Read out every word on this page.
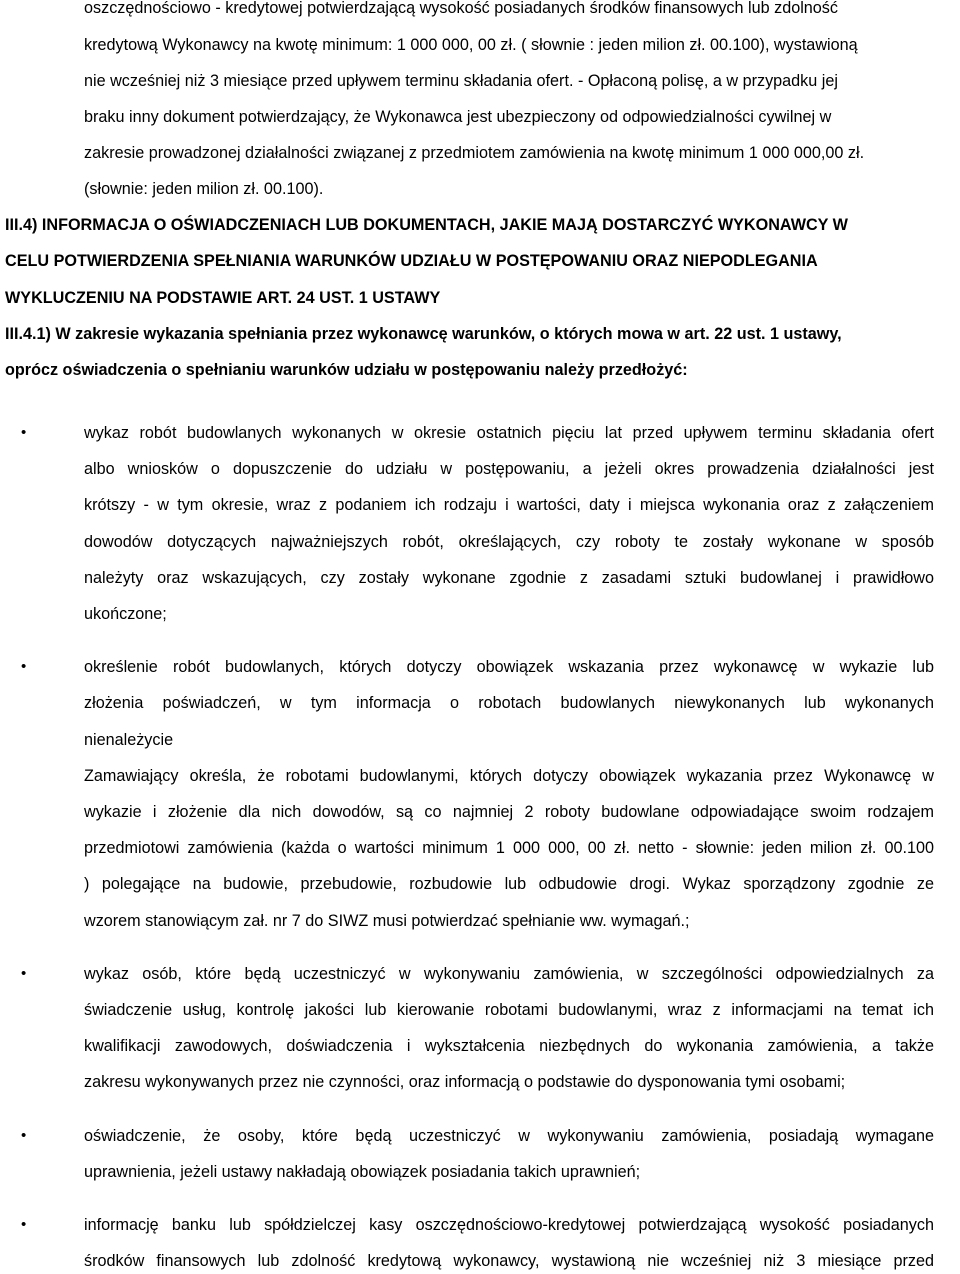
oszczędnościowo - kredytowej potwierdzającą wysokość posiadanych środków finansowych lub zdolność
kredytową Wykonawcy na kwotę minimum: 1 000 000, 00 zł. ( słownie : jeden milion zł. 00.100), wystawioną
nie wcześniej niż 3 miesiące przed upływem terminu składania ofert. - Opłaconą polisę, a w przypadku jej
braku inny dokument potwierdzający, że Wykonawca jest ubezpieczony od odpowiedzialności cywilnej w
zakresie prowadzonej działalności związanej z przedmiotem zamówienia na kwotę minimum 1 000 000,00 zł.
(słownie: jeden milion zł. 00.100).
III.4) INFORMACJA O OŚWIADCZENIACH LUB DOKUMENTACH, JAKIE MAJĄ DOSTARCZYĆ WYKONAWCY W
CELU POTWIERDZENIA SPEŁNIANIA WARUNKÓW UDZIAŁU W POSTĘPOWANIU ORAZ NIEPODLEGANIA
WYKLUCZENIU NA PODSTAWIE ART. 24 UST. 1 USTAWY
III.4.1) W zakresie wykazania spełniania przez wykonawcę warunków, o których mowa w art. 22 ust. 1 ustawy,
oprócz oświadczenia o spełnianiu warunków udziału w postępowaniu należy przedłożyć:
•	wykaz robót budowlanych wykonanych w okresie ostatnich pięciu lat przed upływem terminu składania ofert
albo wniosków o dopuszczenie do udziału w postępowaniu, a jeżeli okres prowadzenia działalności jest
krótszy - w tym okresie, wraz z podaniem ich rodzaju i wartości, daty i miejsca wykonania oraz z załączeniem
dowodów dotyczących najważniejszych robót, określających, czy roboty te zostały wykonane w sposób
należyty oraz wskazujących, czy zostały wykonane zgodnie z zasadami sztuki budowlanej i prawidłowo
ukończone;
•	określenie robót budowlanych, których dotyczy obowiązek wskazania przez wykonawcę w wykazie lub
złożenia poświadczeń, w tym informacja o robotach budowlanych niewykonanych lub wykonanych
nienależycie
Zamawiający określa, że robotami budowlanymi, których dotyczy obowiązek wykazania przez Wykonawcę w
wykazie i złożenie dla nich dowodów, są co najmniej 2 roboty budowlane odpowiadające swoim rodzajem
przedmiotowi zamówienia (każda o wartości minimum 1 000 000, 00 zł. netto - słownie: jeden milion zł. 00.100
) polegające na budowie, przebudowie, rozbudowie lub odbudowie drogi. Wykaz sporządzony zgodnie ze
wzorem stanowiącym zał. nr 7 do SIWZ musi potwierdzać spełnianie ww. wymagań.;
•	wykaz osób, które będą uczestniczyć w wykonywaniu zamówienia, w szczególności odpowiedzialnych za
świadczenie usług, kontrolę jakości lub kierowanie robotami budowlanymi, wraz z informacjami na temat ich
kwalifikacji zawodowych, doświadczenia i wykształcenia niezbędnych do wykonania zamówienia, a także
zakresu wykonywanych przez nie czynności, oraz informacją o podstawie do dysponowania tymi osobami;
•	oświadczenie, że osoby, które będą uczestniczyć w wykonywaniu zamówienia, posiadają wymagane
uprawnienia, jeżeli ustawy nakładają obowiązek posiadania takich uprawnień;
•	informację banku lub spółdzielczej kasy oszczędnościowo-kredytowej potwierdzającą wysokość posiadanych
środków finansowych lub zdolność kredytową wykonawcy, wystawioną nie wcześniej niż 3 miesiące przed
